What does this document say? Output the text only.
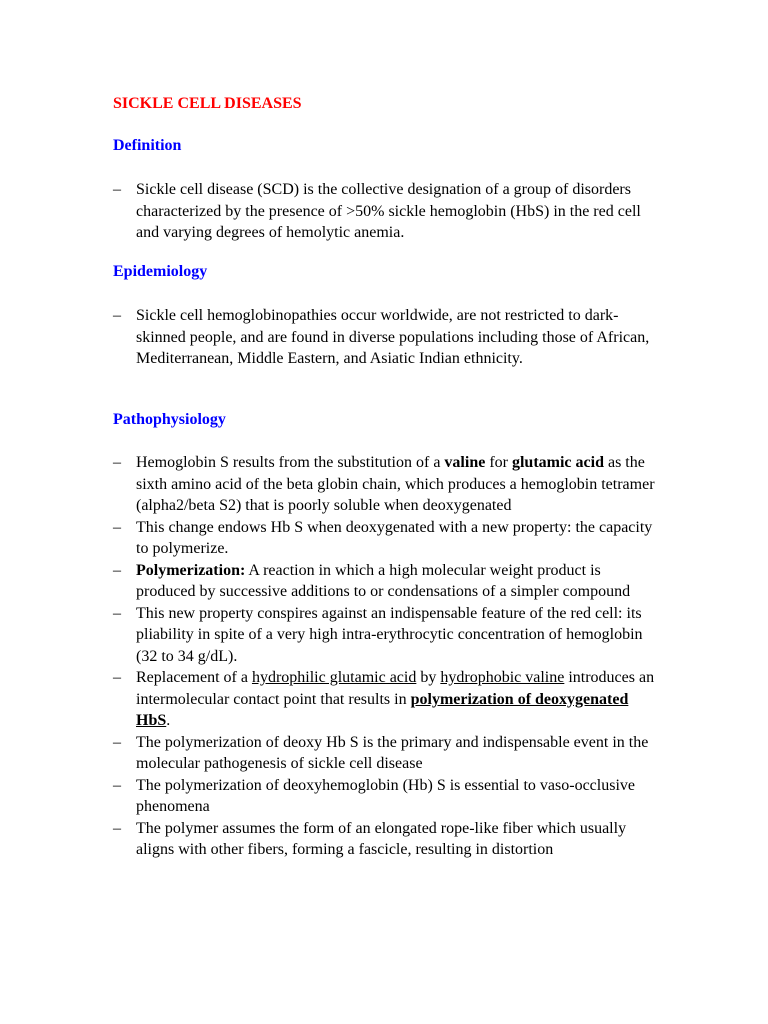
SICKLE CELL DISEASES
Definition
– Sickle cell disease (SCD) is the collective designation of a group of disorders characterized by the presence of >50% sickle hemoglobin (HbS) in the red cell and varying degrees of hemolytic anemia.
Epidemiology
– Sickle cell hemoglobinopathies occur worldwide, are not restricted to dark-skinned people, and are found in diverse populations including those of African, Mediterranean, Middle Eastern, and Asiatic Indian ethnicity.
Pathophysiology
– Hemoglobin S results from the substitution of a valine for glutamic acid as the sixth amino acid of the beta globin chain, which produces a hemoglobin tetramer (alpha2/beta S2) that is poorly soluble when deoxygenated
– This change endows Hb S when deoxygenated with a new property: the capacity to polymerize.
– Polymerization: A reaction in which a high molecular weight product is produced by successive additions to or condensations of a simpler compound
– This new property conspires against an indispensable feature of the red cell: its pliability in spite of a very high intra-erythrocytic concentration of hemoglobin (32 to 34 g/dL).
– Replacement of a hydrophilic glutamic acid by hydrophobic valine introduces an intermolecular contact point that results in polymerization of deoxygenated HbS.
– The polymerization of deoxy Hb S is the primary and indispensable event in the molecular pathogenesis of sickle cell disease
– The polymerization of deoxyhemoglobin (Hb) S is essential to vaso-occlusive phenomena
– The polymer assumes the form of an elongated rope-like fiber which usually aligns with other fibers, forming a fascicle, resulting in distortion
